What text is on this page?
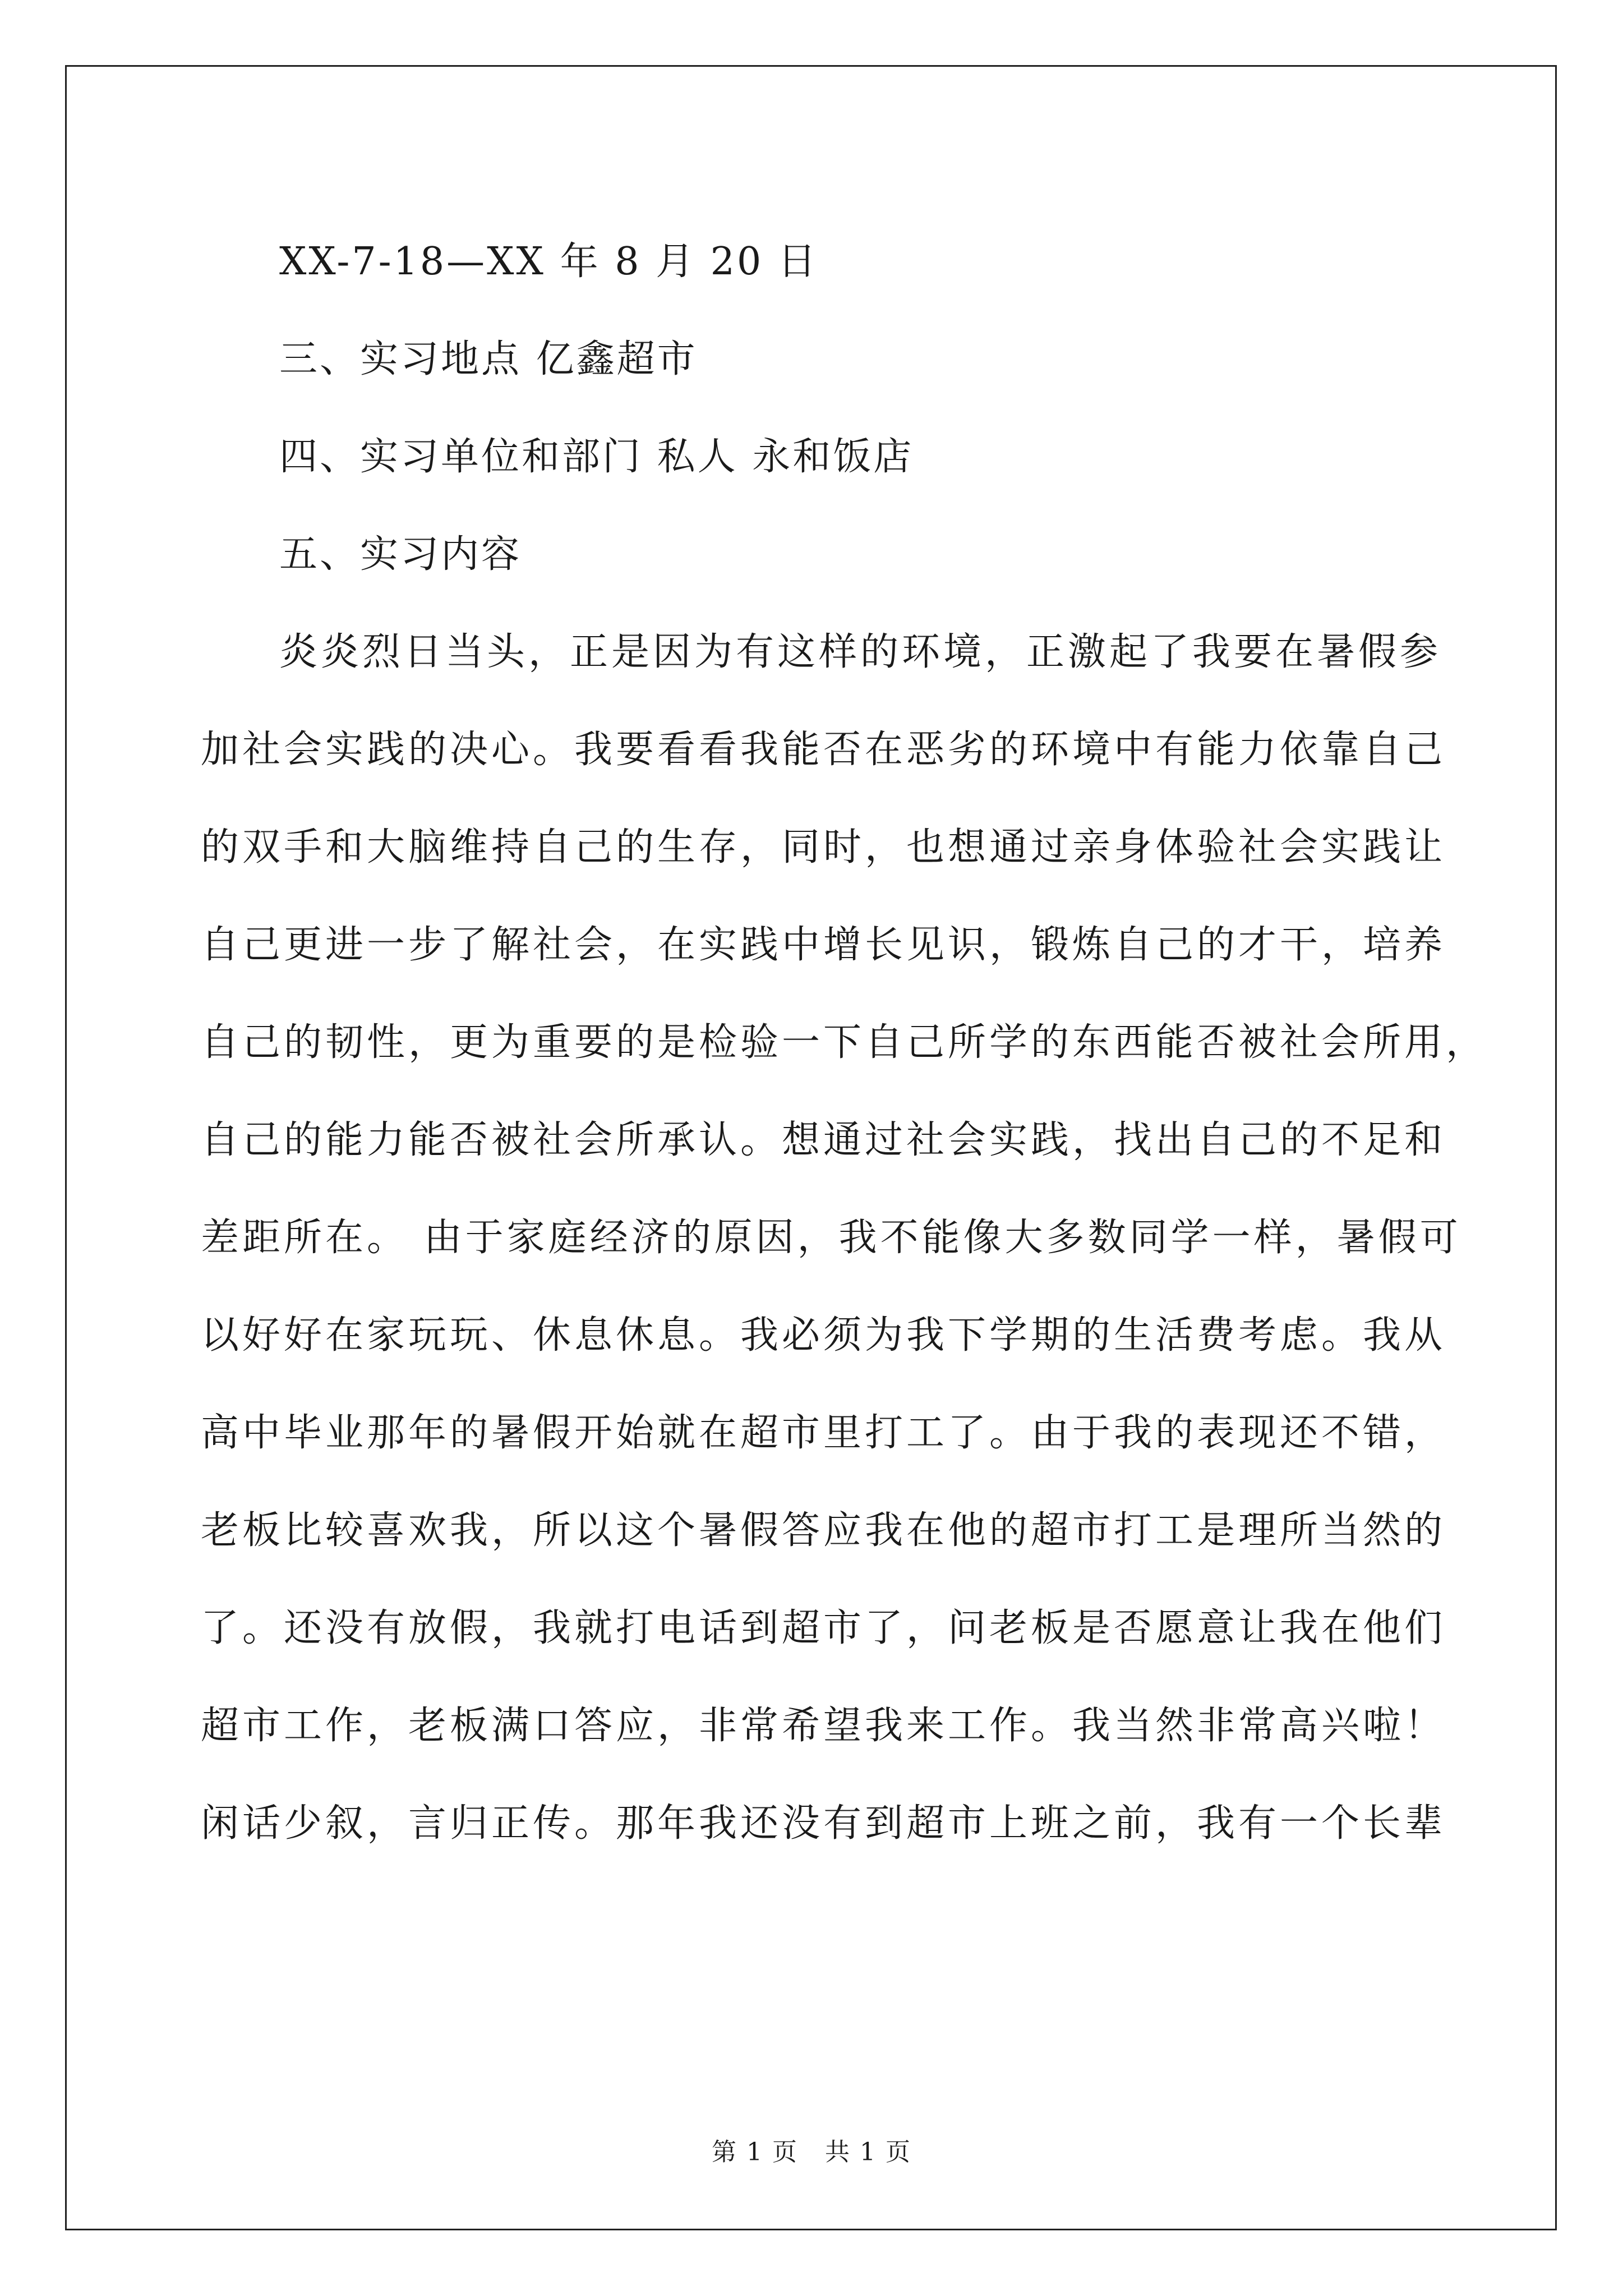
XX-7-18—XX 年 8 月 20 日
三、实习地点 亿鑫超市
四、实习单位和部门 私人 永和饭店
五、实习内容

炎炎烈日当头，正是因为有这样的环境，正激起了我要在暑假参
加社会实践的决心。我要看看我能否在恶劣的环境中有能力依靠自己
的双手和大脑维持自己的生存，同时，也想通过亲身体验社会实践让
自己更进一步了解社会，在实践中增长见识，锻炼自己的才干，培养
自己的韧性，更为重要的是检验一下自己所学的东西能否被社会所用，
自己的能力能否被社会所承认。想通过社会实践，找出自己的不足和
差距所在。 由于家庭经济的原因，我不能像大多数同学一样，暑假可
以好好在家玩玩、休息休息。我必须为我下学期的生活费考虑。我从
高中毕业那年的暑假开始就在超市里打工了。由于我的表现还不错，
老板比较喜欢我，所以这个暑假答应我在他的超市打工是理所当然的
了。还没有放假，我就打电话到超市了，问老板是否愿意让我在他们
超市工作，老板满口答应，非常希望我来工作。我当然非常高兴啦！
闲话少叙，言归正传。那年我还没有到超市上班之前，我有一个长辈

第 1 页 共 1 页
